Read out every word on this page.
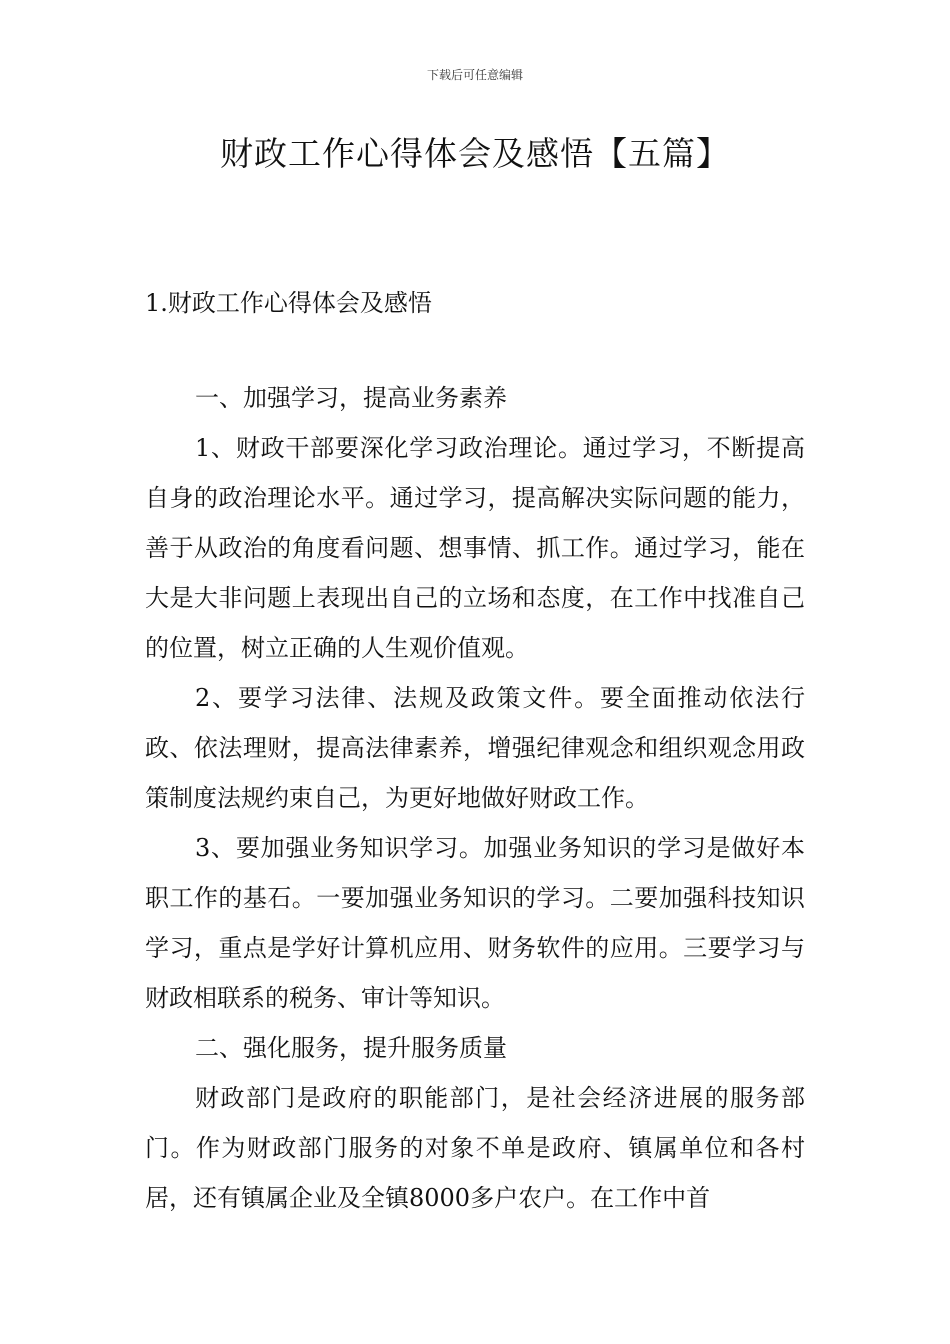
下载后可任意编辑
财政工作心得体会及感悟【五篇】
1.财政工作心得体会及感悟

一、加强学习，提高业务素养

1、财政干部要深化学习政治理论。通过学习，不断提高自身的政治理论水平。通过学习，提高解决实际问题的能力，善于从政治的角度看问题、想事情、抓工作。通过学习，能在大是大非问题上表现出自己的立场和态度，在工作中找准自己的位置，树立正确的人生观价值观。

2、要学习法律、法规及政策文件。要全面推动依法行政、依法理财，提高法律素养，增强纪律观念和组织观念用政策制度法规约束自己，为更好地做好财政工作。

3、要加强业务知识学习。加强业务知识的学习是做好本职工作的基石。一要加强业务知识的学习。二要加强科技知识学习，重点是学好计算机应用、财务软件的应用。三要学习与财政相联系的税务、审计等知识。

二、强化服务，提升服务质量

财政部门是政府的职能部门，是社会经济进展的服务部门。作为财政部门服务的对象不单是政府、镇属单位和各村居，还有镇属企业及全镇8000多户农户。在工作中首
